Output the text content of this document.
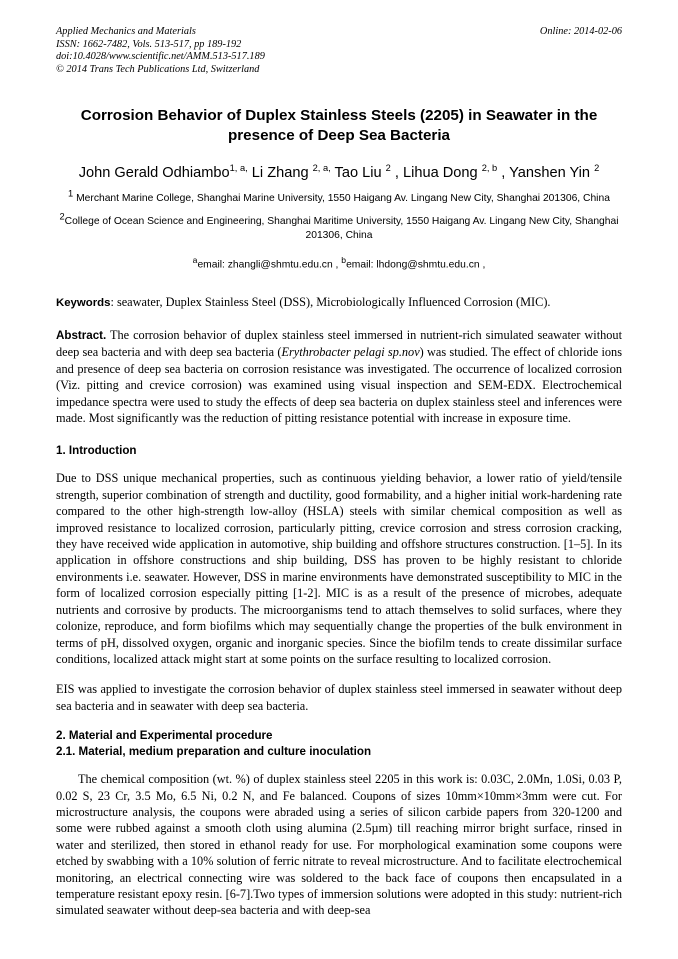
Online: 2014-02-06
Applied Mechanics and Materials
ISSN: 1662-7482, Vols. 513-517, pp 189-192
doi:10.4028/www.scientific.net/AMM.513-517.189
© 2014 Trans Tech Publications Ltd, Switzerland
Corrosion Behavior of Duplex Stainless Steels (2205) in Seawater in the presence of Deep Sea Bacteria
John Gerald Odhiambo$^{1, a,}$ Li Zhang $^{2, a,}$ Tao Liu $^2$ , Lihua Dong $^{2, b}$ , Yanshen Yin $^2$
$^1$ Merchant Marine College, Shanghai Marine University, 1550 Haigang Av. Lingang New City, Shanghai 201306, China
$^2$College of Ocean Science and Engineering, Shanghai Maritime University, 1550 Haigang Av. Lingang New City, Shanghai 201306, China
$^a$email: zhangli@shmtu.edu.cn , $^b$email: lhdong@shmtu.edu.cn ,
Keywords: seawater, Duplex Stainless Steel (DSS), Microbiologically Influenced Corrosion (MIC).
Abstract. The corrosion behavior of duplex stainless steel immersed in nutrient-rich simulated seawater without deep sea bacteria and with deep sea bacteria (Erythrobacter pelagi sp.nov) was studied. The effect of chloride ions and presence of deep sea bacteria on corrosion resistance was investigated. The occurrence of localized corrosion (Viz. pitting and crevice corrosion) was examined using visual inspection and SEM-EDX. Electrochemical impedance spectra were used to study the effects of deep sea bacteria on duplex stainless steel and inferences were made. Most significantly was the reduction of pitting resistance potential with increase in exposure time.
1. Introduction
Due to DSS unique mechanical properties, such as continuous yielding behavior, a lower ratio of yield/tensile strength, superior combination of strength and ductility, good formability, and a higher initial work-hardening rate compared to the other high-strength low-alloy (HSLA) steels with similar chemical composition as well as improved resistance to localized corrosion, particularly pitting, crevice corrosion and stress corrosion cracking, they have received wide application in automotive, ship building and offshore structures construction. [1–5]. In its application in offshore constructions and ship building, DSS has proven to be highly resistant to chloride environments i.e. seawater. However, DSS in marine environments have demonstrated susceptibility to MIC in the form of localized corrosion especially pitting [1-2]. MIC is as a result of the presence of microbes, adequate nutrients and corrosive by products. The microorganisms tend to attach themselves to solid surfaces, where they colonize, reproduce, and form biofilms which may sequentially change the properties of the bulk environment in terms of pH, dissolved oxygen, organic and inorganic species. Since the biofilm tends to create dissimilar surface conditions, localized attack might start at some points on the surface resulting to localized corrosion.
EIS was applied to investigate the corrosion behavior of duplex stainless steel immersed in seawater without deep sea bacteria and in seawater with deep sea bacteria.
2. Material and Experimental procedure
2.1. Material, medium preparation and culture inoculation
The chemical composition (wt. %) of duplex stainless steel 2205 in this work is: 0.03C, 2.0Mn, 1.0Si, 0.03 P, 0.02 S, 23 Cr, 3.5 Mo, 6.5 Ni, 0.2 N, and Fe balanced. Coupons of sizes 10mm×10mm×3mm were cut. For microstructure analysis, the coupons were abraded using a series of silicon carbide papers from 320-1200 and some were rubbed against a smooth cloth using alumina (2.5µm) till reaching mirror bright surface, rinsed in water and sterilized, then stored in ethanol ready for use. For morphological examination some coupons were etched by swabbing with a 10% solution of ferric nitrate to reveal microstructure. And to facilitate electrochemical monitoring, an electrical connecting wire was soldered to the back face of coupons then encapsulated in a temperature resistant epoxy resin. [6-7].Two types of immersion solutions were adopted in this study: nutrient-rich simulated seawater without deep-sea bacteria and with deep-sea
